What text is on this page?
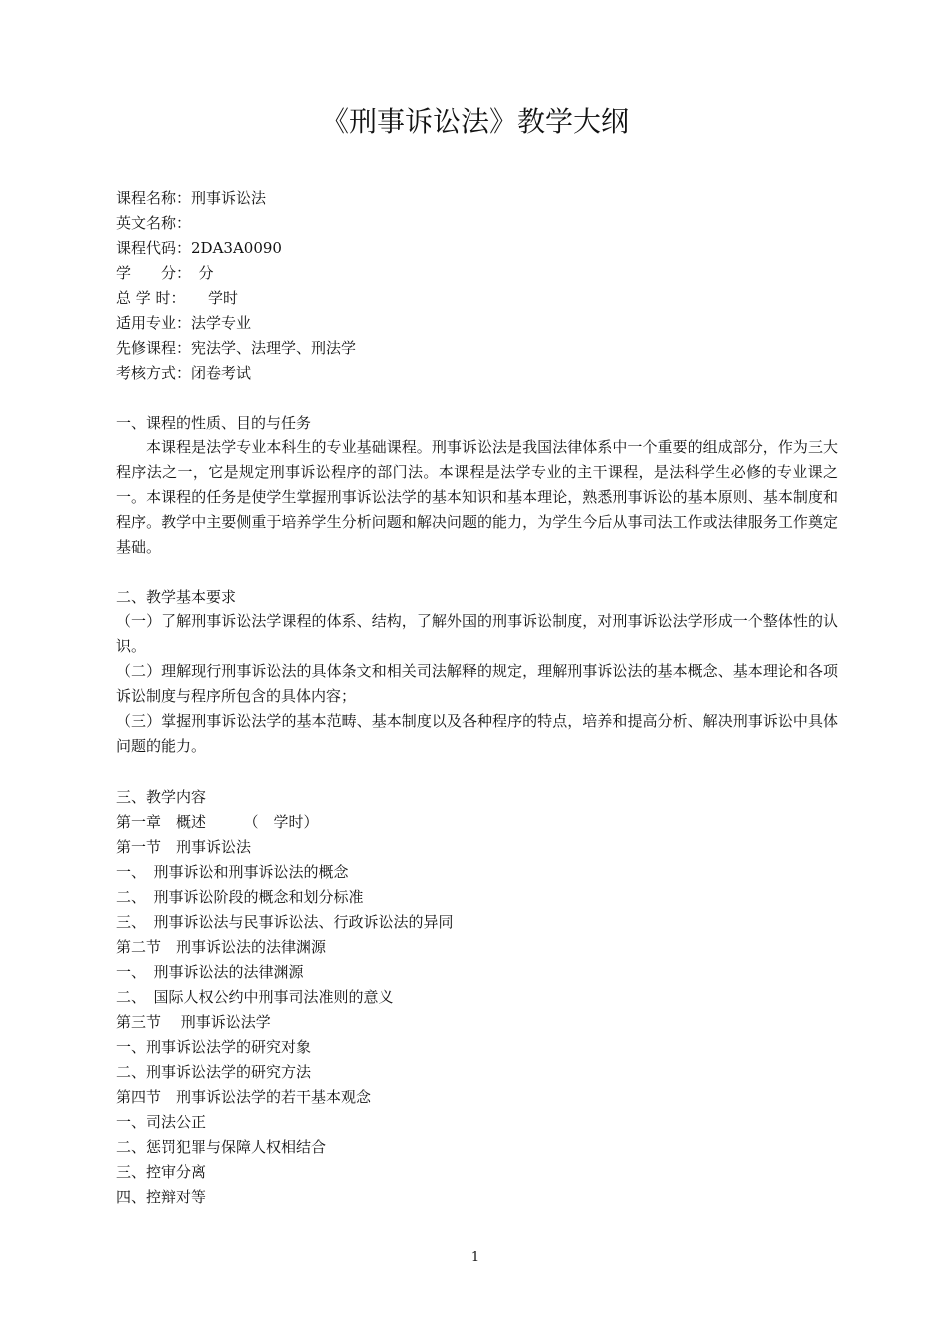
《刑事诉讼法》教学大纲
课程名称：刑事诉讼法
英文名称：
课程代码：2DA3A0090
学　　分：　分
总 学 时：　　学时
适用专业：法学专业
先修课程：宪法学、法理学、刑法学
考核方式：闭卷考试
一、课程的性质、目的与任务
本课程是法学专业本科生的专业基础课程。刑事诉讼法是我国法律体系中一个重要的组成部分，作为三大程序法之一，它是规定刑事诉讼程序的部门法。本课程是法学专业的主干课程，是法科学生必修的专业课之一。本课程的任务是使学生掌握刑事诉讼法学的基本知识和基本理论，熟悉刑事诉讼的基本原则、基本制度和程序。教学中主要侧重于培养学生分析问题和解决问题的能力，为学生今后从事司法工作或法律服务工作奠定基础。
二、教学基本要求
（一）了解刑事诉讼法学课程的体系、结构，了解外国的刑事诉讼制度，对刑事诉讼法学形成一个整体性的认识。
（二）理解现行刑事诉讼法的具体条文和相关司法解释的规定，理解刑事诉讼法的基本概念、基本理论和各项诉讼制度与程序所包含的具体内容；
（三）掌握刑事诉讼法学的基本范畴、基本制度以及各种程序的特点，培养和提高分析、解决刑事诉讼中具体问题的能力。
三、教学内容
第一章　概述　　　（　学时）
第一节　刑事诉讼法
一、　刑事诉讼和刑事诉讼法的概念
二、　刑事诉讼阶段的概念和划分标准
三、　刑事诉讼法与民事诉讼法、行政诉讼法的异同
第二节　刑事诉讼法的法律渊源
一、　刑事诉讼法的法律渊源
二、　国际人权公约中刑事司法准则的意义
第三节　 刑事诉讼法学
一、刑事诉讼法学的研究对象
二、刑事诉讼法学的研究方法
第四节　刑事诉讼法学的若干基本观念
一、司法公正
二、惩罚犯罪与保障人权相结合
三、控审分离
四、控辩对等
1
